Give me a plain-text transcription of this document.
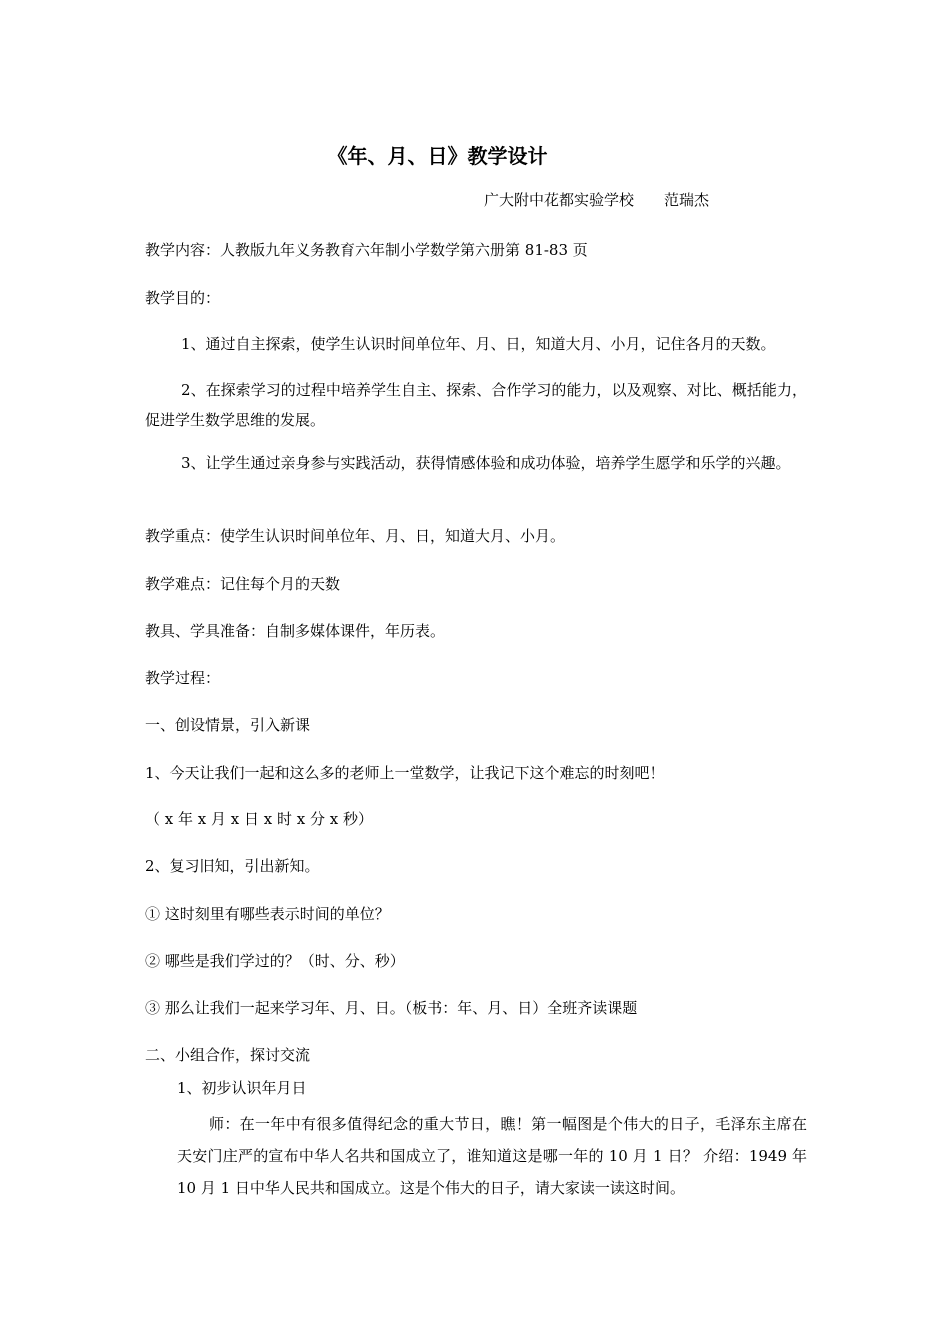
《年、月、日》教学设计
广大附中花都实验学校 范瑞杰
教学内容：人教版九年义务教育六年制小学数学第六册第 81-83 页
教学目的：
1、通过自主探索，使学生认识时间单位年、月、日，知道大月、小月，记住各月的天数。
2、在探索学习的过程中培养学生自主、探索、合作学习的能力，以及观察、对比、概括能力，促进学生数学思维的发展。
3、让学生通过亲身参与实践活动，获得情感体验和成功体验，培养学生愿学和乐学的兴趣。
教学重点：使学生认识时间单位年、月、日，知道大月、小月。
教学难点：记住每个月的天数
教具、学具准备：自制多媒体课件，年历表。
教学过程：
一、创设情景，引入新课
1、今天让我们一起和这么多的老师上一堂数学，让我记下这个难忘的时刻吧！
（ x 年 x 月 x 日 x 时 x 分 x 秒）
2、复习旧知，引出新知。
① 这时刻里有哪些表示时间的单位？
② 哪些是我们学过的？（时、分、秒）
③ 那么让我们一起来学习年、月、日。（板书：年、月、日）全班齐读课题
二、小组合作，探讨交流
1、初步认识年月日
师：在一年中有很多值得纪念的重大节日，瞧！第一幅图是个伟大的日子，毛泽东主席在天安门庄严的宣布中华人名共和国成立了，谁知道这是哪一年的 10 月 1 日？ 介绍：1949 年 10 月 1 日中华人民共和国成立。这是个伟大的日子，请大家读一读这时间。
